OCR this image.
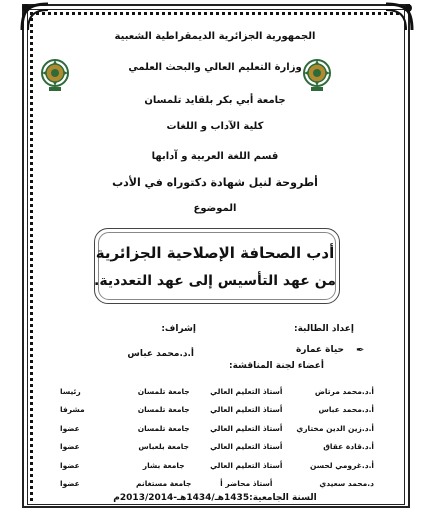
الجمهورية الجزائرية الديمقراطية الشعبية
وزارة التعليم العالي والبحث العلمي
جامعة أبي بكر بلقايد تلمسان
كلية الآداب و اللغات
قسم اللغة العربية و آدابها
أطروحة لنيل شهادة دكتوراه في الأدب
الموضوع
أدب الصحافة الإصلاحية الجزائرية
من عهد التأسيس إلى عهد التعددية.
إعداد الطالبة:
إشراف:
✒
حياة عمارة
أ.د.محمد عباس
أعضاء لجنة المناقشة:
أ.د.محمد مرتاض	أستاذ التعليم العالي	جامعة تلمسان	رئيسا
أ.د.محمد عباس	أستاذ التعليم العالي	جامعة تلمسان	مشرفا
أ.د.زين الدين مختاري	أستاذ التعليم العالي	جامعة تلمسان	عضوا
أ.د.قادة عقاق	أستاذ التعليم العالي	جامعة بلعباس	عضوا
أ.د.غرومي لحسن	أستاذ التعليم العالي	جامعة بشار	عضوا
د.محمد سعيدي	أستاذ محاضر أ	جامعة مستغانم	عضوا
السنة الجامعية:1435هـ/1434هـ-2013/2014م
